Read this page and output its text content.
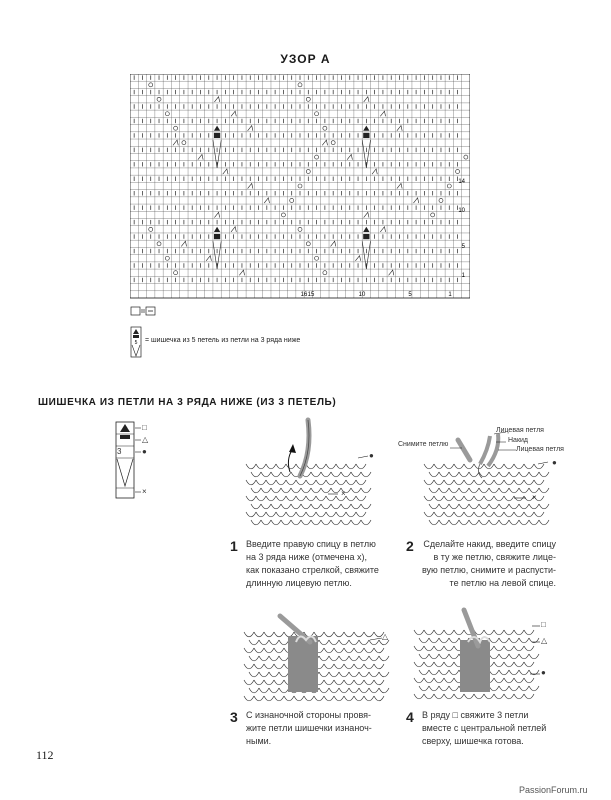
УЗОР А
14
10
5
1
16 15	10	5	1
5 = шишечка из 5 петель из петли на 3 ряда ниже
ШИШЕЧКА ИЗ ПЕТЛИ НА 3 РЯДА НИЖЕ (ИЗ 3 ПЕТЕЛЬ)
3
□
△
●
×	×
●
Снимите петлю
Лицевая петля
Накид
Лицевая петля
×
●
1 Введите правую спицу в петлю
на 3 ряда ниже (отмечена х),
как показано стрелкой, свяжите
длинную лицевую петлю.
2	Сделайте накид, введите спицу
в ту же петлю, свяжите лице-
вую петлю, снимите и распусти-
те петлю на левой спице.
△
□
△
●
3 С изнаночной стороны провя-
жите петли шишечки изнаноч-
ными.
4 В ряду □ свяжите 3 петли
вместе с центральной петлей
сверху, шишечка готова.
112
PassionForum.ru
